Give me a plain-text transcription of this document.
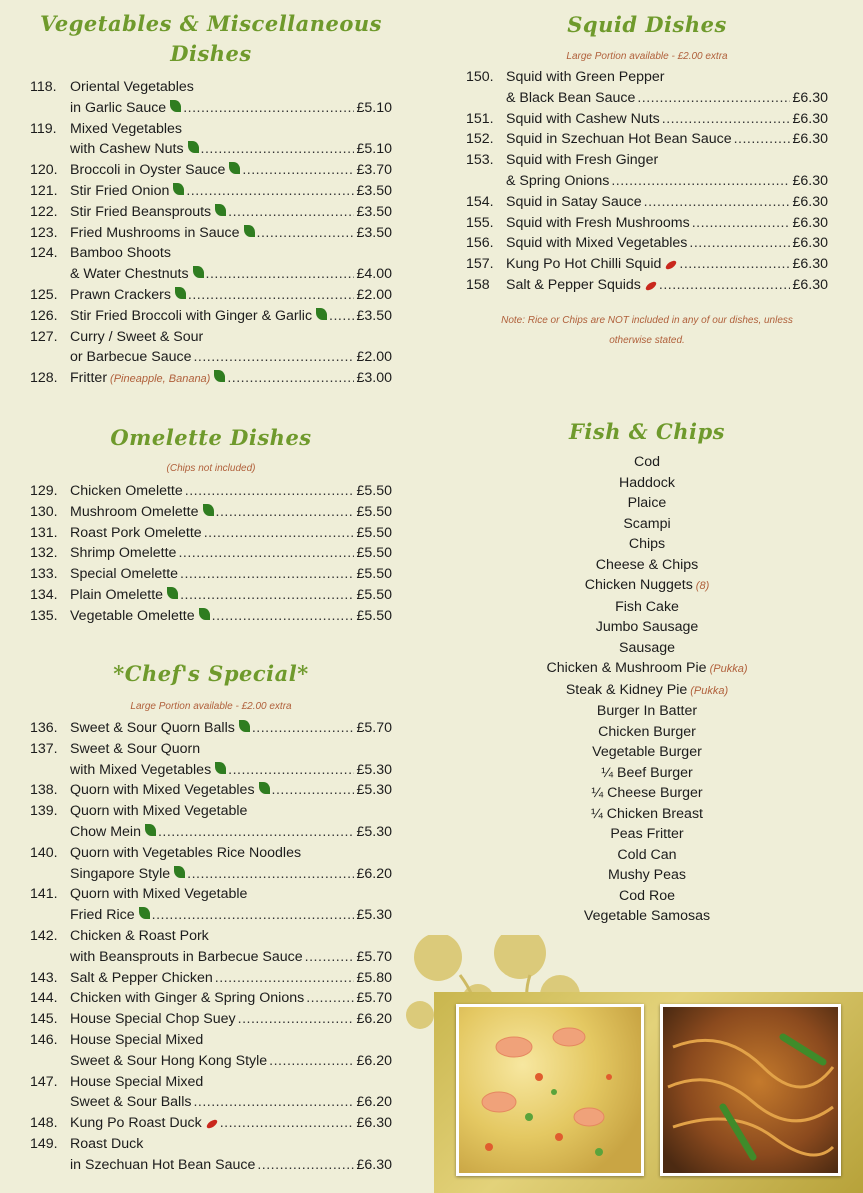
Vegetables & Miscellaneous
Dishes
118. Oriental Vegetables
in Garlic Sauce .....	£5.10
119. Mixed Vegetables
with Cashew Nuts .....	£5.10
120. Broccoli in Oyster Sauce .....	£3.70
121. Stir Fried Onion .....	£3.50
122. Stir Fried Beansprouts .....	£3.50
123. Fried Mushrooms in Sauce .....	£3.50
124. Bamboo Shoots
& Water Chestnuts .....	£4.00
125. Prawn Crackers .....	£2.00
126. Stir Fried Broccoli with Ginger & Garlic .....	£3.50
127. Curry / Sweet & Sour
or Barbecue Sauce .....	£2.00
128. Fritter (Pineapple, Banana) .....	£3.00
Omelette Dishes
(Chips not included)
129. Chicken Omelette .....	£5.50
130. Mushroom Omelette .....	£5.50
131. Roast Pork Omelette .....	£5.50
132. Shrimp Omelette .....	£5.50
133. Special Omelette .....	£5.50
134. Plain Omelette .....	£5.50
135. Vegetable Omelette .....	£5.50
*Chef's Special*
Large Portion available - £2.00 extra
136. Sweet & Sour Quorn Balls .....	£5.70
137. Sweet & Sour Quorn
with Mixed Vegetables .....	£5.30
138. Quorn with Mixed Vegetables .....	£5.30
139. Quorn with Mixed Vegetable
Chow Mein .....	£5.30
140. Quorn with Vegetables Rice Noodles
Singapore Style .....	£6.20
141. Quorn with Mixed Vegetable
Fried Rice .....	£5.30
142. Chicken & Roast Pork
with Beansprouts in Barbecue Sauce .....	£5.70
143. Salt & Pepper Chicken .....	£5.80
144. Chicken with Ginger & Spring Onions .....	£5.70
145. House Special Chop Suey .....	£6.20
146. House Special Mixed
Sweet & Sour Hong Kong Style .....	£6.20
147. House Special Mixed
Sweet & Sour Balls .....	£6.20
148. Kung Po Roast Duck .....	£6.30
149. Roast Duck
in Szechuan Hot Bean Sauce .....	£6.30
Squid Dishes
Large Portion available - £2.00 extra
150. Squid with Green Pepper
& Black Bean Sauce .....	£6.30
151. Squid with Cashew Nuts .....	£6.30
152. Squid in Szechuan Hot Bean Sauce .....	£6.30
153. Squid with Fresh Ginger
& Spring Onions .....	£6.30
154. Squid in Satay Sauce .....	£6.30
155. Squid with Fresh Mushrooms .....	£6.30
156. Squid with Mixed Vegetables .....	£6.30
157. Kung Po Hot Chilli Squid .....	£6.30
158	Salt & Pepper Squids .....	£6.30
Note: Rice or Chips are NOT included in any of our dishes, unless
otherwise stated.
Fish & Chips
Cod
Haddock
Plaice
Scampi
Chips
Cheese & Chips
Chicken Nuggets (8)
Fish Cake
Jumbo Sausage
Sausage
Chicken & Mushroom Pie (Pukka)
Steak & Kidney Pie (Pukka)
Burger In Batter
Chicken Burger
Vegetable Burger
¼ Beef Burger
¼ Cheese Burger
¼ Chicken Breast
Peas Fritter
Cold Can
Mushy Peas
Cod Roe
Vegetable Samosas
